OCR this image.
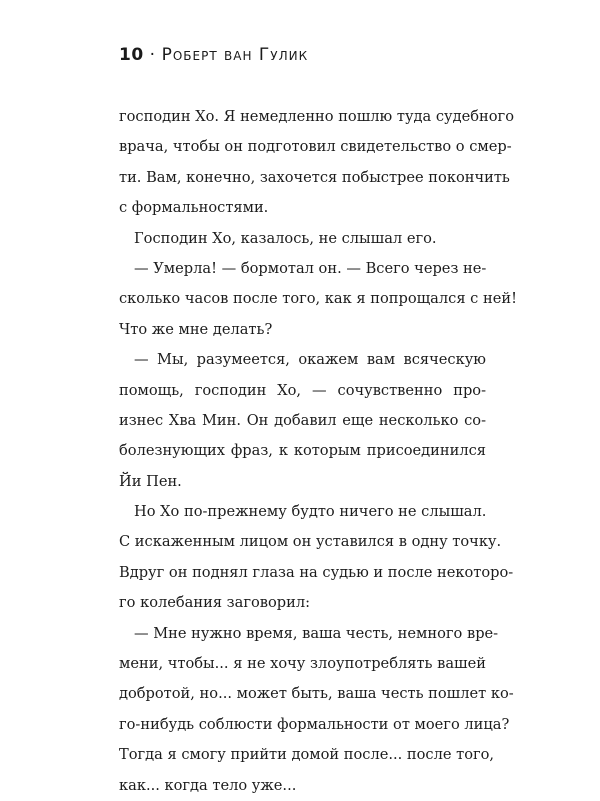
10 · Роберт ван Гулик
господин Хо. Я немедленно пошлю туда судебного
врача, чтобы он подготовил свидетельство о смер-
ти. Вам, конечно, захочется побыстрее покончить
с формальностями.
Господин Хо, казалось, не слышал его.
— Умерла! — бормотал он. — Всего через не-
сколько часов после того, как я попрощался с ней!
Что же мне делать?
— Мы, разумеется, окажем вам всяческую
помощь, господин Хо, — сочувственно про-
изнес Хва Мин. Он добавил еще несколько со-
болезнующих фраз, к которым присоединился
Йи Пен.
Но Хо по-прежнему будто ничего не слышал.
С искаженным лицом он уставился в одну точку.
Вдруг он поднял глаза на судью и после некоторо-
го колебания заговорил:
— Мне нужно время, ваша честь, немного вре-
мени, чтобы... я не хочу злоупотреблять вашей
добротой, но... может быть, ваша честь пошлет ко-
го-нибудь соблюсти формальности от моего лица?
Тогда я смогу прийти домой после... после того,
как... когда тело уже...
